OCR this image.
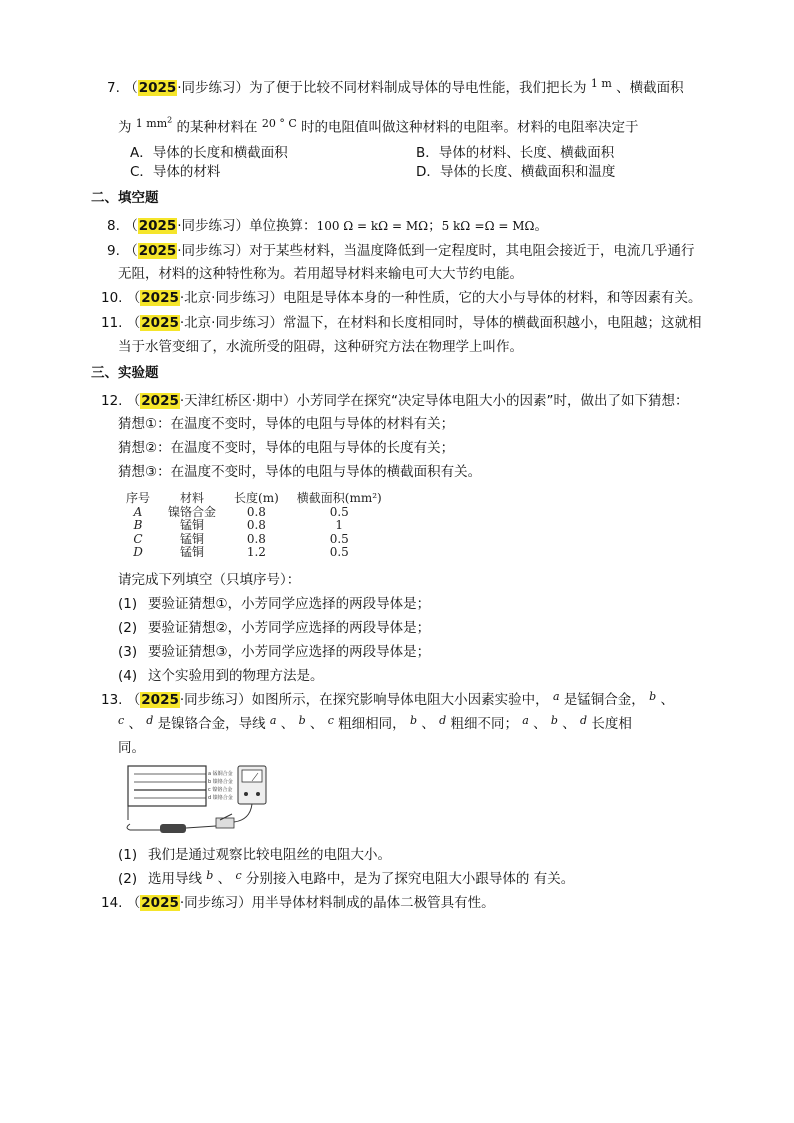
7. （2025·同步练习）为了便于比较不同材料制成导体的导电性能，我们把长为 $^{1 m}$ 、横截面积
为 $^{1 mm^2}$ 的某种材料在 $^{20 ^\circ C}$ 时的电阻值叫做这种材料的电阻率。材料的电阻率决定于
A．导体的长度和横截面积	B．导体的材料、长度、横截面积
C．导体的材料	D．导体的长度、横截面积和温度
二、填空题
8. （2025·同步练习）单位换算：100 Ω = kΩ = MΩ；5 kΩ =Ω = MΩ。
9. （2025·同步练习）对于某些材料，当温度降低到一定程度时，其电阻会接近于，电流几乎通行
无阻，材料的这种特性称为。若用超导材料来输电可大大节约电能。
10. （2025·北京·同步练习）电阻是导体本身的一种性质，它的大小与导体的材料，和等因素有关。
11. （2025·北京·同步练习）常温下，在材料和长度相同时，导体的横截面积越小，电阻越；这就相
当于水管变细了，水流所受的阻碍，这种研究方法在物理学上叫作。
三、实验题
12. （2025·天津红桥区·期中）小芳同学在探究“决定导体电阻大小的因素”时，做出了如下猜想：
猜想①：在温度不变时，导体的电阻与导体的材料有关；
猜想②：在温度不变时，导体的电阻与导体的长度有关；
猜想③：在温度不变时，导体的电阻与导体的横截面积有关。
序号	材料	长度(m)	横截面积(mm²)
A	镍铬合金	0.8	0.5
B	锰铜	0.8	1
C	锰铜	0.8	0.5
D	锰铜	1.2	0.5
请完成下列填空（只填序号）：
(1) 要验证猜想①，小芳同学应选择的两段导体是；
(2) 要验证猜想②，小芳同学应选择的两段导体是；
(3) 要验证猜想③，小芳同学应选择的两段导体是；
(4) 这个实验用到的物理方法是。
13. （2025·同步练习）如图所示，在探究影响导体电阻大小因素实验中， $^a$ 是锰铜合金， $^b$ 、
$^c$ 、 $^d$ 是镍铬合金，导线 $^a$ 、 $^b$ 、 $^c$ 粗细相同， $^b$ 、 $^d$ 粗细不同； $^a$ 、 $^b$ 、 $^d$ 长度相
同。
a 锰铜合金
b 镍铬合金
c 镍铬合金
d 镍铬合金
(1) 我们是通过观察比较电阻丝的电阻大小。
(2) 选用导线 $^b$ 、 $^c$ 分别接入电路中，是为了探究电阻大小跟导体的 有关。
14. （2025·同步练习）用半导体材料制成的晶体二极管具有性。
